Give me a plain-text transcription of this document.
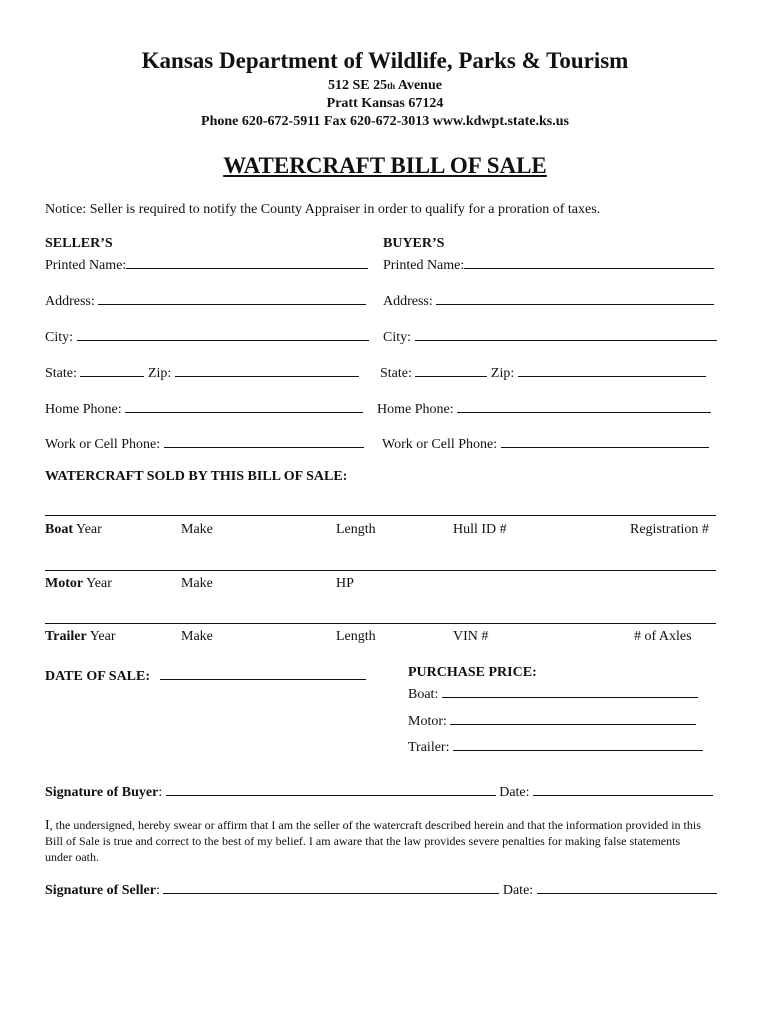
Kansas Department of Wildlife, Parks & Tourism
512 SE 25th Avenue
Pratt Kansas 67124
Phone 620-672-5911 Fax 620-672-3013 www.kdwpt.state.ks.us
WATERCRAFT BILL OF SALE
Notice: Seller is required to notify the County Appraiser in order to qualify for a proration of taxes.
SELLER’S	BUYER’S
Printed Name:	Printed Name:
Address:	Address:
City:	City:
State:	Zip:	State:	Zip:
Home Phone:	Home Phone:
Work or Cell Phone:	Work or Cell Phone:
WATERCRAFT SOLD BY THIS BILL OF SALE:
Boat Year	Make	Length	Hull ID #	Registration #
Motor Year	Make	HP
Trailer Year	Make	Length	VIN #	# of Axles
DATE OF SALE:	PURCHASE PRICE:
Boat:
Motor:
Trailer:
Signature of Buyer:	Date:
I, the undersigned, hereby swear or affirm that I am the seller of the watercraft described herein and that the information provided in this
Bill of Sale is true and correct to the best of my belief. I am aware that the law provides severe penalties for making false statements
under oath.
Signature of Seller:	Date:
